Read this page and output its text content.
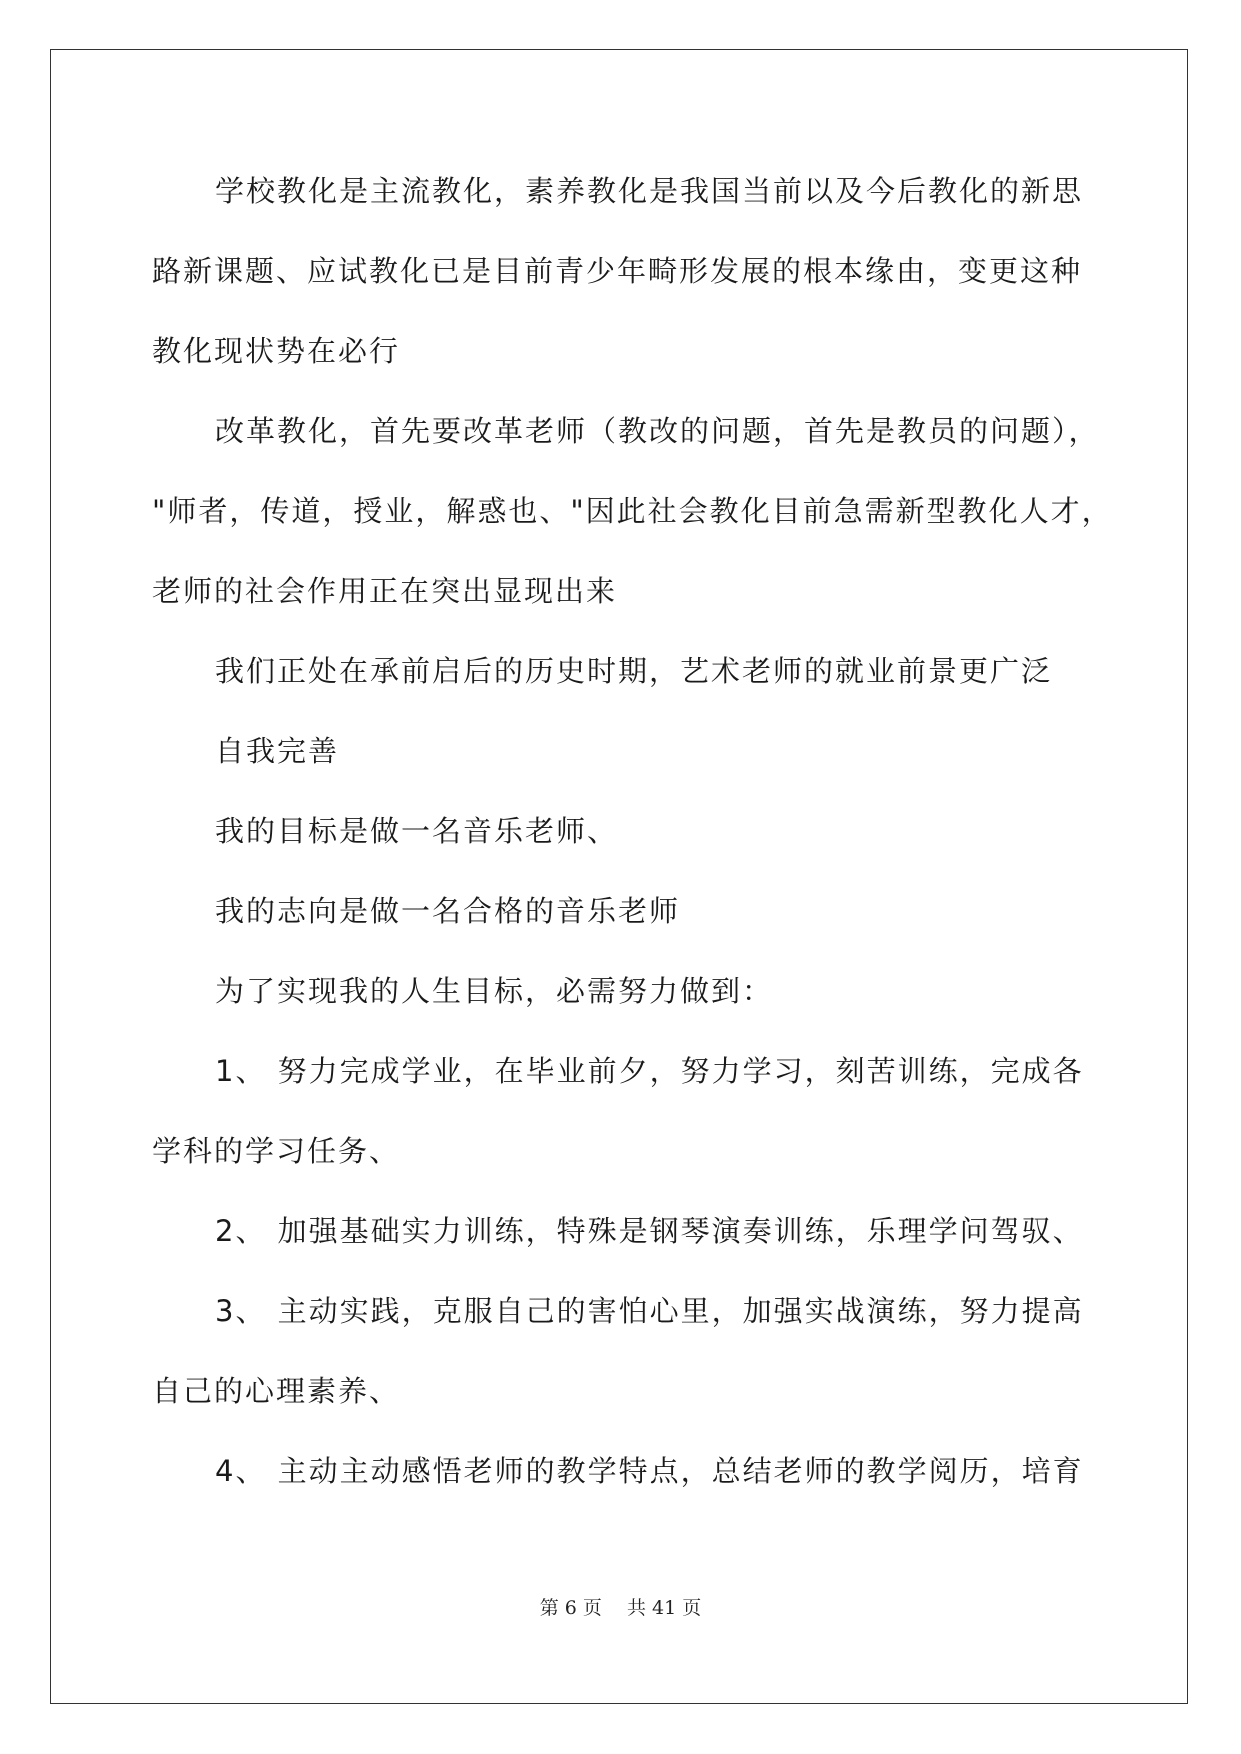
学校教化是主流教化，素养教化是我国当前以及今后教化的新思
路新课题、应试教化已是目前青少年畸形发展的根本缘由，变更这种
教化现状势在必行
改革教化，首先要改革老师（教改的问题，首先是教员的问题），
"师者，传道，授业，解惑也、"因此社会教化目前急需新型教化人才，
老师的社会作用正在突出显现出来
我们正处在承前启后的历史时期，艺术老师的就业前景更广泛
自我完善
我的目标是做一名音乐老师、
我的志向是做一名合格的音乐老师
为了实现我的人生目标，必需努力做到：
1、 努力完成学业，在毕业前夕，努力学习，刻苦训练，完成各
学科的学习任务、
2、 加强基础实力训练，特殊是钢琴演奏训练，乐理学问驾驭、
3、 主动实践，克服自己的害怕心里，加强实战演练，努力提高
自己的心理素养、
4、 主动主动感悟老师的教学特点，总结老师的教学阅历，培育
第 6 页　 共 41 页
